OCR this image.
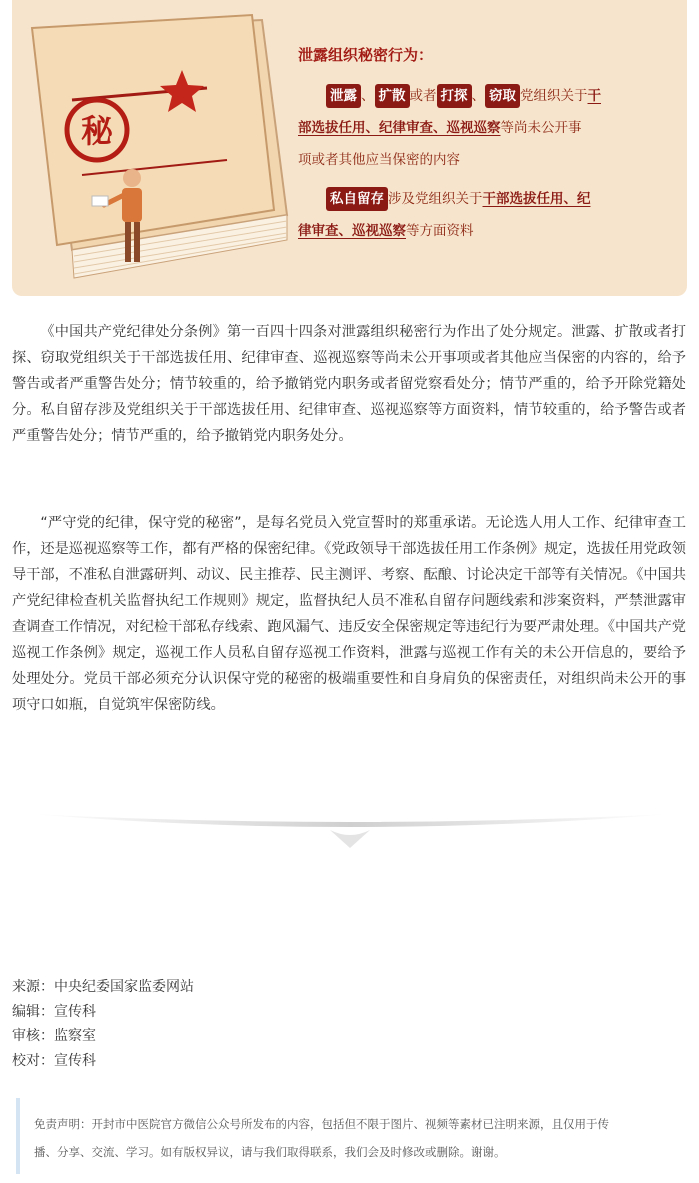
秘
泄露组织秘密行为：
泄露 、 扩散 或者 打探 、 窃取 党组织关于干
部选拔任用、纪律审查、巡视巡察等尚未公开事
项或者其他应当保密的内容
私自留存 涉及党组织关于干部选拔任用、纪
律审查、巡视巡察等方面资料

《中国共产党纪律处分条例》第一百四十四条对泄露组织秘密行为作出了处分规定。泄露、扩散或者打探、窃取党组织关于干部选拔任用、纪律审查、巡视巡察等尚未公开事项或者其他应当保密的内容的，给予警告或者严重警告处分；情节较重的，给予撤销党内职务或者留党察看处分；情节严重的，给予开除党籍处分。私自留存涉及党组织关于干部选拔任用、纪律审查、巡视巡察等方面资料，情节较重的，给予警告或者严重警告处分；情节严重的，给予撤销党内职务处分。

“严守党的纪律，保守党的秘密”，是每名党员入党宣誓时的郑重承诺。无论选人用人工作、纪律审查工作，还是巡视巡察等工作，都有严格的保密纪律。《党政领导干部选拔任用工作条例》规定，选拔任用党政领导干部，不准私自泄露研判、动议、民主推荐、民主测评、考察、酝酿、讨论决定干部等有关情况。《中国共产党纪律检查机关监督执纪工作规则》规定，监督执纪人员不准私自留存问题线索和涉案资料，严禁泄露审查调查工作情况，对纪检干部私存线索、跑风漏气、违反安全保密规定等违纪行为要严肃处理。《中国共产党巡视工作条例》规定，巡视工作人员私自留存巡视工作资料，泄露与巡视工作有关的未公开信息的，要给予处理处分。党员干部必须充分认识保守党的秘密的极端重要性和自身肩负的保密责任，对组织尚未公开的事项守口如瓶，自觉筑牢保密防线。

来源：中央纪委国家监委网站
编辑：宣传科
审核：监察室
校对：宣传科
免责声明：开封市中医院官方微信公众号所发布的内容，包括但不限于图片、视频等素材已注明来源，且仅用于传
播、分享、交流、学习。如有版权异议，请与我们取得联系，我们会及时修改或删除。谢谢。
